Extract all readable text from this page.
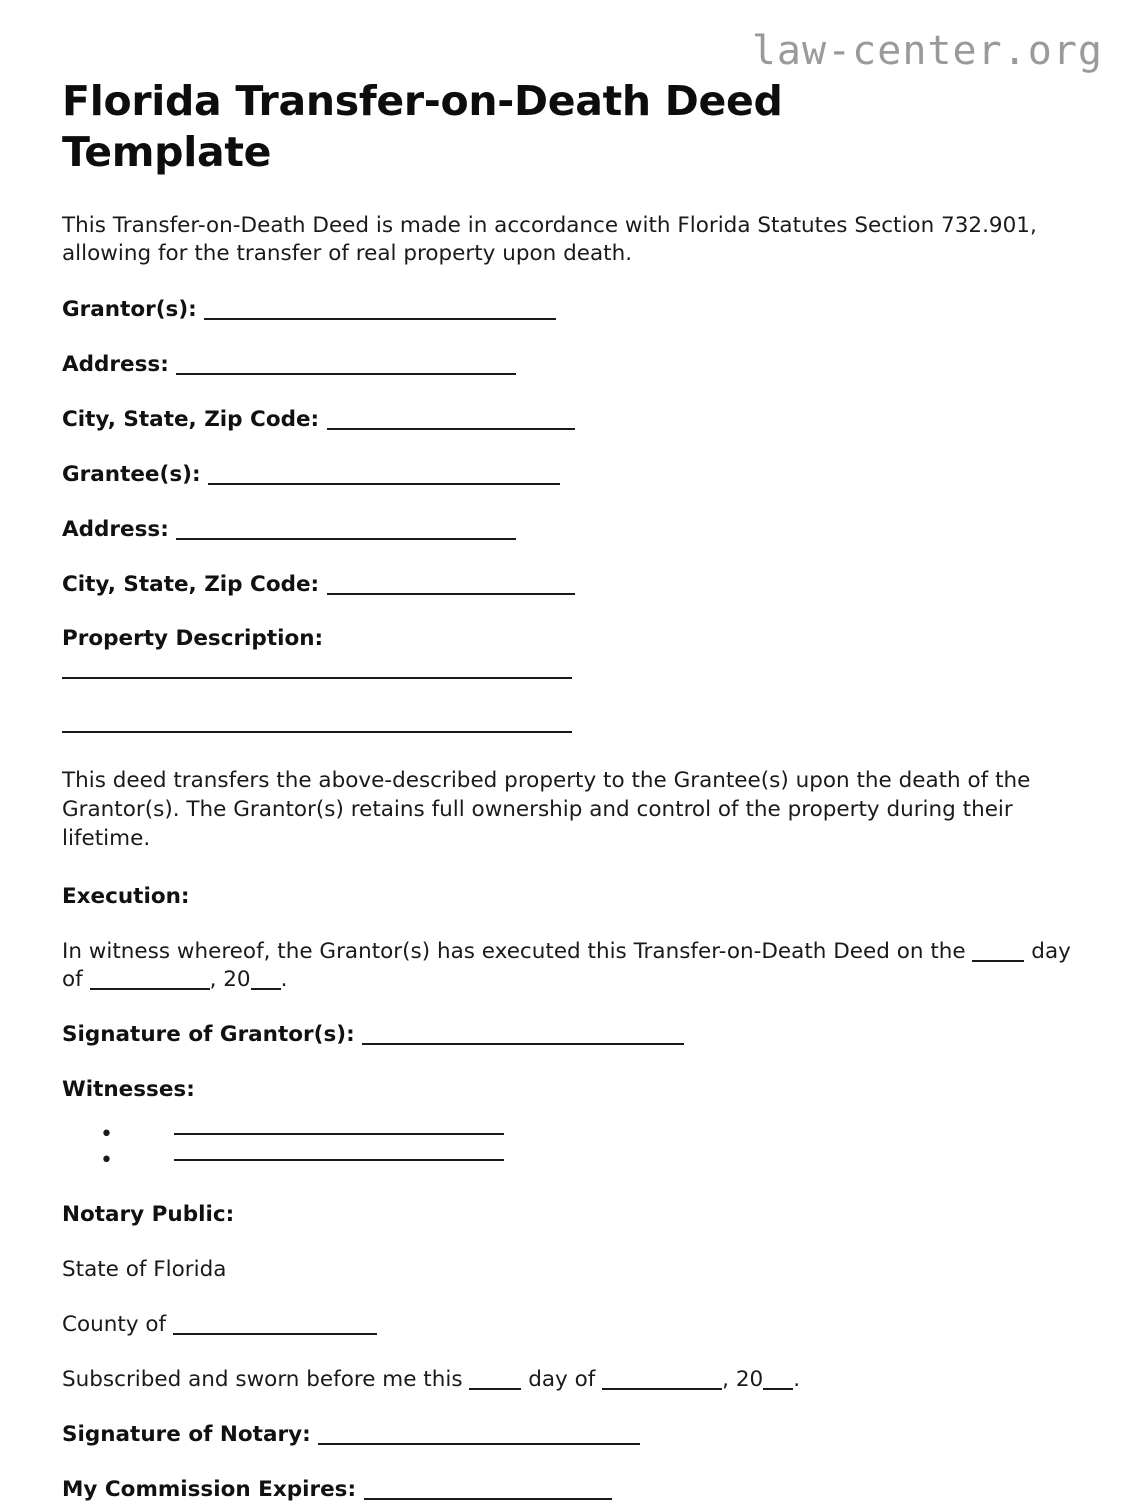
law-center.org
Florida Transfer-on-Death Deed Template

This Transfer-on-Death Deed is made in accordance with Florida Statutes Section 732.901, allowing for the transfer of real property upon death.

Grantor(s):

Address:

City, State, Zip Code:

Grantee(s):

Address:

City, State, Zip Code:

Property Description:

This deed transfers the above-described property to the Grantee(s) upon the death of the Grantor(s). The Grantor(s) retains full ownership and control of the property during their lifetime.

Execution:

In witness whereof, the Grantor(s) has executed this Transfer-on-Death Deed on the	day of	, 20 .

Signature of Grantor(s):

Witnesses:

•
•

Notary Public:

State of Florida

County of

Subscribed and sworn before me this	day of	, 20 .

Signature of Notary:

My Commission Expires:
